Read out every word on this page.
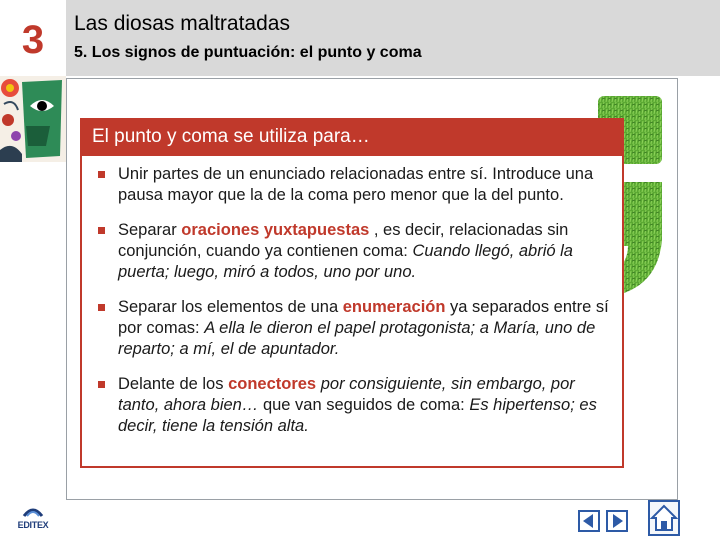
3	Las diosas maltratadas
5. Los signos de puntuación: el punto y coma
El punto y coma se utiliza para…
Unir partes de un enunciado relacionadas entre sí. Introduce una pausa mayor que la de la coma pero menor que la del punto.
Separar oraciones yuxtapuestas , es decir, relacionadas sin conjunción, cuando ya contienen coma: Cuando llegó, abrió la puerta; luego, miró a todos, uno por uno.
Separar los elementos de una enumeración ya separados entre sí por comas: A ella le dieron el papel protagonista; a María, uno de reparto; a mí, el de apuntador.
Delante de los conectores por consiguiente, sin embargo, por tanto, ahora bien… que van seguidos de coma: Es hipertenso; es decir, tiene la tensión alta.
EDITEX
